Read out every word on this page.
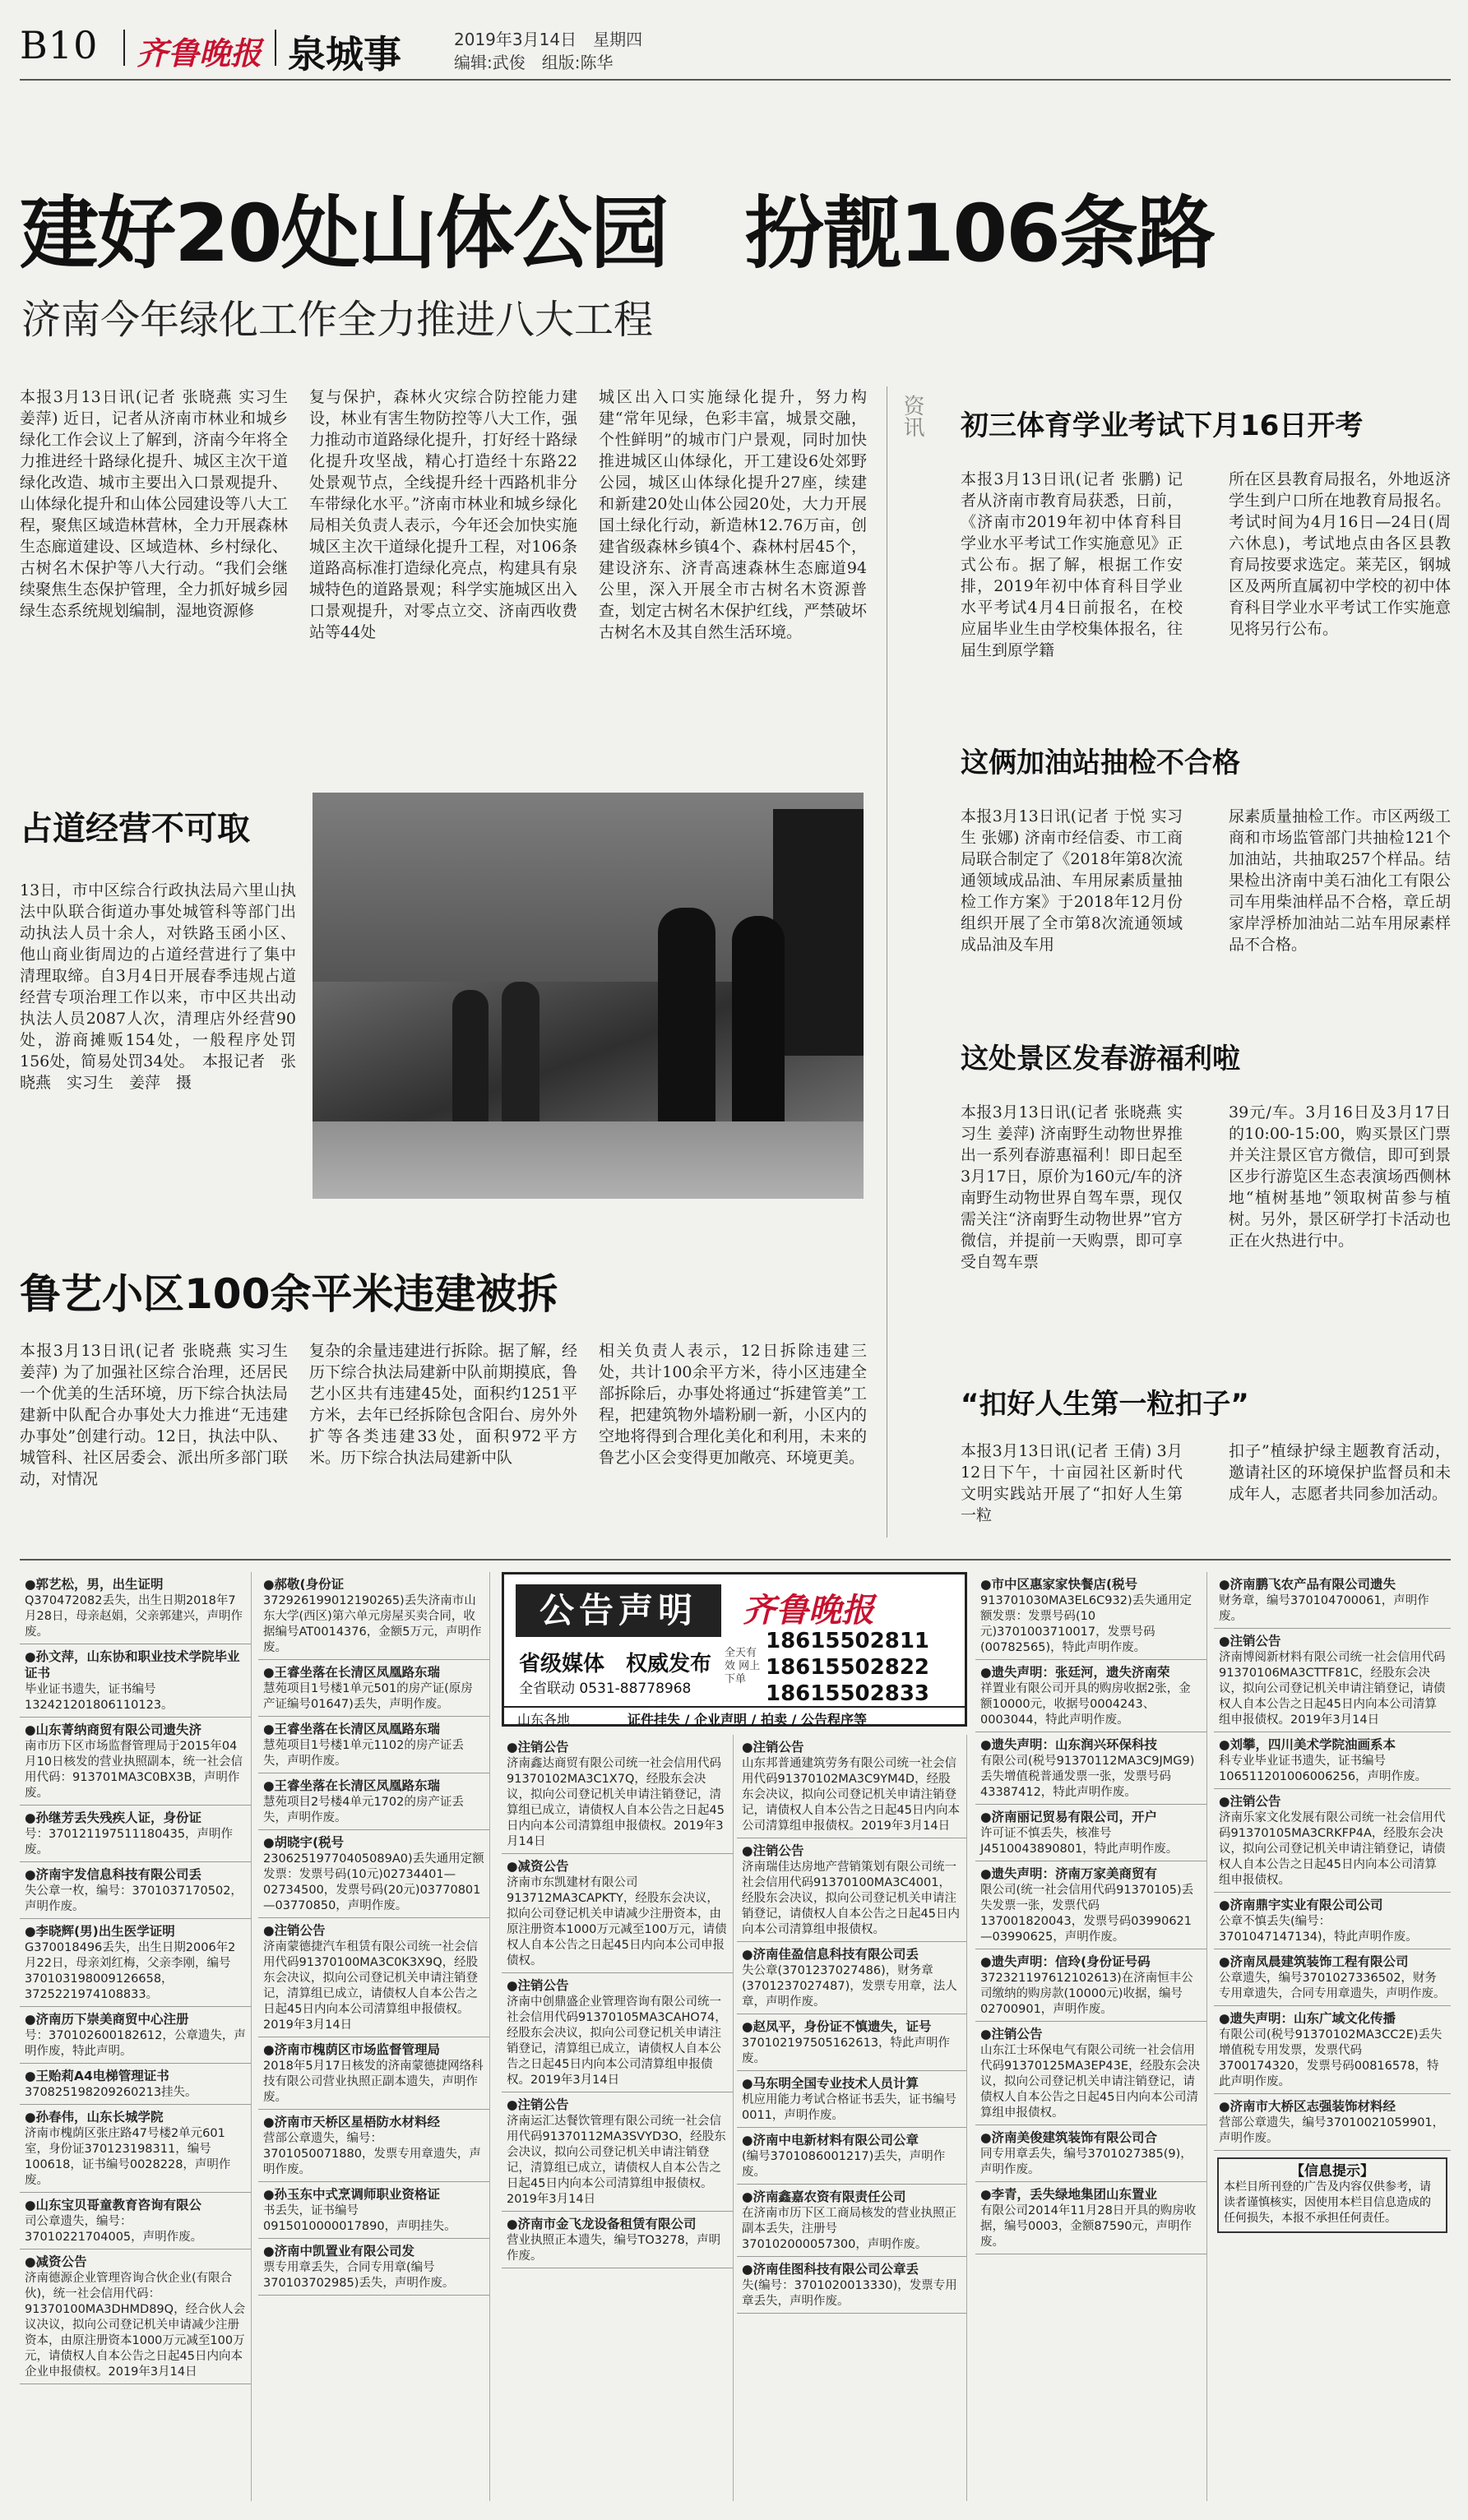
B10 齐鲁晚报 泉城事	2019年3月14日　星期四
编辑:武俊　组版:陈华
建好20处山体公园　扮靓106条路
济南今年绿化工作全力推进八大工程
本报3月13日讯(记者 张晓燕 实习生 姜萍) 近日，记者从济南市林业和城乡绿化工作会议上了解到，济南今年将全力推进经十路绿化提升、城区主次干道绿化改造、城市主要出入口景观提升、山体绿化提升和山体公园建设等八大工程，聚焦区域造林营林，全力开展森林生态廊道建设、区域造林、乡村绿化、古树名木保护等八大行动。“我们会继续聚焦生态保护管理，全力抓好城乡园绿生态系统规划编制，湿地资源修
复与保护，森林火灾综合防控能力建设，林业有害生物防控等八大工作，强力推动市道路绿化提升，打好经十路绿化提升攻坚战，精心打造经十东路22处景观节点，全线提升经十西路机非分车带绿化水平。”济南市林业和城乡绿化局相关负责人表示，今年还会加快实施城区主次干道绿化提升工程，对106条道路高标准打造绿化亮点，构建具有泉城特色的道路景观；科学实施城区出入口景观提升，对零点立交、济南西收费站等44处
城区出入口实施绿化提升，努力构建“常年见绿，色彩丰富，城景交融，个性鲜明”的城市门户景观，同时加快推进城区山体绿化，开工建设6处郊野公园，城区山体绿化提升27座，续建和新建20处山体公园20处，大力开展国土绿化行动，新造林12.76万亩，创建省级森林乡镇4个、森林村居45个，建设济东、济青高速森林生态廊道94公里，深入开展全市古树名木资源普查，划定古树名木保护红线，严禁破坏古树名木及其自然生活环境。
占道经营不可取
13日，市中区综合行政执法局六里山执法中队联合街道办事处城管科等部门出动执法人员十余人，对铁路玉函小区、他山商业街周边的占道经营进行了集中清理取缔。自3月4日开展春季违规占道经营专项治理工作以来，市中区共出动执法人员2087人次，清理店外经营90处，游商摊贩154处，一般程序处罚156处，简易处罚34处。　本报记者　张晓燕　实习生　姜萍　摄
鲁艺小区100余平米违建被拆
本报3月13日讯(记者 张晓燕 实习生 姜萍) 为了加强社区综合治理，还居民一个优美的生活环境，历下综合执法局建新中队配合办事处大力推进“无违建办事处”创建行动。12日，执法中队、城管科、社区居委会、派出所多部门联动，对情况
复杂的余量违建进行拆除。据了解，经历下综合执法局建新中队前期摸底，鲁艺小区共有违建45处，面积约1251平方米，去年已经拆除包含阳台、房外外扩等各类违建33处，面积972平方米。历下综合执法局建新中队
相关负责人表示，12日拆除违建三处，共计100余平方米，待小区违建全部拆除后，办事处将通过“拆建管美”工程，把建筑物外墙粉刷一新，小区内的空地将得到合理化美化和利用，未来的鲁艺小区会变得更加敞亮、环境更美。
资讯 初三体育学业考试下月16日开考
本报3月13日讯(记者 张鹏) 记者从济南市教育局获悉，日前，《济南市2019年初中体育科目学业水平考试工作实施意见》正式公布。据了解，根据工作安排，2019年初中体育科目学业水平考试4月4日前报名，在校应届毕业生由学校集体报名，往届生到原学籍
所在区县教育局报名，外地返济学生到户口所在地教育局报名。考试时间为4月16日—24日(周六休息)，考试地点由各区县教育局按要求选定。莱芜区，钢城区及两所直属初中学校的初中体育科目学业水平考试工作实施意见将另行公布。
这俩加油站抽检不合格
本报3月13日讯(记者 于悦 实习生 张娜) 济南市经信委、市工商局联合制定了《2018年第8次流通领域成品油、车用尿素质量抽检工作方案》于2018年12月份组织开展了全市第8次流通领域成品油及车用
尿素质量抽检工作。市区两级工商和市场监管部门共抽检121个加油站，共抽取257个样品。结果检出济南中美石油化工有限公司车用柴油样品不合格，章丘胡家岸浮桥加油站二站车用尿素样品不合格。
这处景区发春游福利啦
本报3月13日讯(记者 张晓燕 实习生 姜萍) 济南野生动物世界推出一系列春游惠福利！即日起至3月17日，原价为160元/车的济南野生动物世界自驾车票，现仅需关注“济南野生动物世界”官方微信，并提前一天购票，即可享受自驾车票
39元/车。3月16日及3月17日的10:00-15:00，购买景区门票并关注景区官方微信，即可到景区步行游览区生态表演场西侧林地“植树基地”领取树苗参与植树。另外，景区研学打卡活动也正在火热进行中。
“扣好人生第一粒扣子”
本报3月13日讯(记者 王倩) 3月12日下午，十亩园社区新时代文明实践站开展了“扣好人生第一粒
扣子”植绿护绿主题教育活动，邀请社区的环境保护监督员和未成年人，志愿者共同参加活动。
●郭艺松，男，出生证明
Q370472082丢失，出生日期2018年7月28日，母亲赵娟，父亲郭建兴，声明作废。
●孙文萍，山东协和职业技术学院毕业证书
毕业证书遗失，证书编号132421201806110123。
●山东菁纳商贸有限公司遗失济
南市历下区市场监督管理局于2015年04月10日核发的营业执照副本，统一社会信用代码：913701MA3C0BX3B，声明作废。
●孙继芳丢失残疾人证，身份证
号：370121197511180435，声明作废。
●济南宇发信息科技有限公司丢
失公章一枚，编号：3701037170502，声明作废。
●李晓辉(男)出生医学证明
G370018496丢失，出生日期2006年2月22日，母亲刘红梅，父亲李刚，编号370103198009126658，3725221974108833。
●济南历下崇美商贸中心注册
号：370102600182612，公章遗失，声明作废，特此声明。
●王贻莉A4电梯管理证书
370825198209260213挂失。
●孙春伟，山东长城学院
济南市槐荫区张庄路47号楼2单元601室，身份证370123198311，编号100618，证书编号0028228，声明作废。
●山东宝贝哥童教育咨询有限公
司公章遗失，编号：37010221704005，声明作废。
●减资公告
济南德源企业管理咨询合伙企业(有限合伙)，统一社会信用代码：91370100MA3DHMD89Q，经合伙人会议决议，拟向公司登记机关申请减少注册资本，由原注册资本1000万元减至100万元，请债权人自本公告之日起45日内向本企业申报债权。2019年3月14日
●郝敬(身份证
372926199012190265)丢失济南市山东大学(西区)第六单元房屋买卖合同，收据编号AT0014376，金额5万元，声明作废。
●王睿坐落在长清区凤凰路东瑞
慧苑项目1号楼1单元501的房产证(原房产证编号01647)丢失，声明作废。
●王睿坐落在长清区凤凰路东瑞
慧苑项目1号楼1单元1102的房产证丢失，声明作废。
●王睿坐落在长清区凤凰路东瑞
慧苑项目2号楼4单元1702的房产证丢失，声明作废。
●胡晓宇(税号
23062519770405089A0)丢失通用定额发票：发票号码(10元)02734401—02734500，发票号码(20元)03770801—03770850，声明作废。
●注销公告
济南蒙德捷汽车租赁有限公司统一社会信用代码91370100MA3C0K3X9Q，经股东会决议，拟向公司登记机关申请注销登记，清算组已成立，请债权人自本公告之日起45日内向本公司清算组申报债权。2019年3月14日
●济南市槐荫区市场监督管理局
2018年5月17日核发的济南蒙德捷网络科技有限公司营业执照正副本遗失，声明作废。
●济南市天桥区星梧防水材料经
营部公章遗失，编号：3701050071880，发票专用章遗失，声明作废。
●孙玉东中式烹调师职业资格证
书丢失，证书编号0915010000017890，声明挂失。
●济南中凯置业有限公司发
票专用章丢失，合同专用章(编号370103702985)丢失，声明作废。
公告声明	齐鲁晚报
省级媒体　权威发布
全省联动 0531-88778968
全天有效 网上下单
18615502811
18615502822
18615502833
山东各地	证件挂失 / 企业声明 / 拍卖 / 公告程序等
●注销公告
济南鑫达商贸有限公司统一社会信用代码91370102MA3C1X7Q，经股东会决议，拟向公司登记机关申请注销登记，清算组已成立，请债权人自本公告之日起45日内向本公司清算组申报债权。2019年3月14日
●减资公告
济南市东凯建材有限公司913712MA3CAPKTY，经股东会决议，拟向公司登记机关申请减少注册资本，由原注册资本1000万元减至100万元，请债权人自本公告之日起45日内向本公司申报债权。
●注销公告
济南中创鼎盛企业管理咨询有限公司统一社会信用代码91370105MA3CAHO74，经股东会决议，拟向公司登记机关申请注销登记，清算组已成立，请债权人自本公告之日起45日内向本公司清算组申报债权。2019年3月14日
●注销公告
济南运汇达餐饮管理有限公司统一社会信用代码91370112MA3SVYD3O，经股东会决议，拟向公司登记机关申请注销登记，清算组已成立，请债权人自本公告之日起45日内向本公司清算组申报债权。2019年3月14日
●济南市金飞龙设备租赁有限公司
营业执照正本遗失，编号TO3278，声明作废。
●注销公告
山东邦普通建筑劳务有限公司统一社会信用代码91370102MA3C9YM4D，经股东会决议，拟向公司登记机关申请注销登记，请债权人自本公告之日起45日内向本公司清算组申报债权。2019年3月14日
●注销公告
济南瑞佳达房地产营销策划有限公司统一社会信用代码91370100MA3C4001，经股东会决议，拟向公司登记机关申请注销登记，请债权人自本公告之日起45日内向本公司清算组申报债权。
●济南佳盈信息科技有限公司丢
失公章(3701237027486)，财务章(3701237027487)，发票专用章，法人章，声明作废。
●赵凤平，身份证不慎遗失，证号
370102197505162613，特此声明作废。
●马东明全国专业技术人员计算
机应用能力考试合格证书丢失，证书编号0011，声明作废。
●济南中电新材料有限公司公章
(编号3701086001217)丢失，声明作废。
●济南鑫嘉农资有限责任公司
在济南市历下区工商局核发的营业执照正副本丢失，注册号370102000057300，声明作废。
●济南佳图科技有限公司公章丢
失(编号：3701020013330)，发票专用章丢失，声明作废。
●市中区惠家家快餐店(税号
913701030MA3EL6C932)丢失通用定额发票：发票号码(10元)3701003710017，发票号码(00782565)，特此声明作废。
●遗失声明：张廷河，遗失济南荣
祥置业有限公司开具的购房收据2张，金额10000元，收据号0004243、0003044，特此声明作废。
●遗失声明：山东润兴环保科技
有限公司(税号91370112MA3C9JMG9)丢失增值税普通发票一张，发票号码43387412，特此声明作废。
●济南丽记贸易有限公司，开户
许可证不慎丢失，核准号J4510043890801，特此声明作废。
●遗失声明：济南万家美商贸有
限公司(统一社会信用代码91370105)丢失发票一张，发票代码137001820043，发票号码03990621—03990625，声明作废。
●遗失声明：信玲(身份证号码
372321197612102613)在济南恒丰公司缴纳的购房款(10000元)收据，编号02700901，声明作废。
●注销公告
山东江士环保电气有限公司统一社会信用代码91370125MA3EP43E，经股东会决议，拟向公司登记机关申请注销登记，请债权人自本公告之日起45日内向本公司清算组申报债权。
●济南美俊建筑装饰有限公司合
同专用章丢失，编号3701027385(9)，声明作废。
●李青，丢失绿地集团山东置业
有限公司2014年11月28日开具的购房收据，编号0003，金额87590元，声明作废。
●济南鹏飞农产品有限公司遗失
财务章，编号370104700061，声明作废。
●注销公告
济南博阅新材料有限公司统一社会信用代码91370106MA3CTTF81C，经股东会决议，拟向公司登记机关申请注销登记，请债权人自本公告之日起45日内向本公司清算组申报债权。2019年3月14日
●刘攀，四川美术学院油画系本
科专业毕业证书遗失，证书编号106511201006006256，声明作废。
●注销公告
济南乐家文化发展有限公司统一社会信用代码91370105MA3CRKFP4A，经股东会决议，拟向公司登记机关申请注销登记，请债权人自本公告之日起45日内向本公司清算组申报债权。
●济南鼎宇实业有限公司公司
公章不慎丢失(编号：3701047147134)，特此声明作废。
●济南凤晨建筑装饰工程有限公司
公章遗失，编号3701027336502，财务专用章遗失，合同专用章遗失，声明作废。
●遗失声明：山东广域文化传播
有限公司(税号91370102MA3CC2E)丢失增值税专用发票，发票代码3700174320，发票号码00816578，特此声明作废。
●济南市大桥区志强装饰材料经
营部公章遗失，编号37010021059901，声明作废。
【信息提示】
本栏目所刊登的广告及内容仅供参考，请读者谨慎核实，因使用本栏目信息造成的任何损失，本报不承担任何责任。
